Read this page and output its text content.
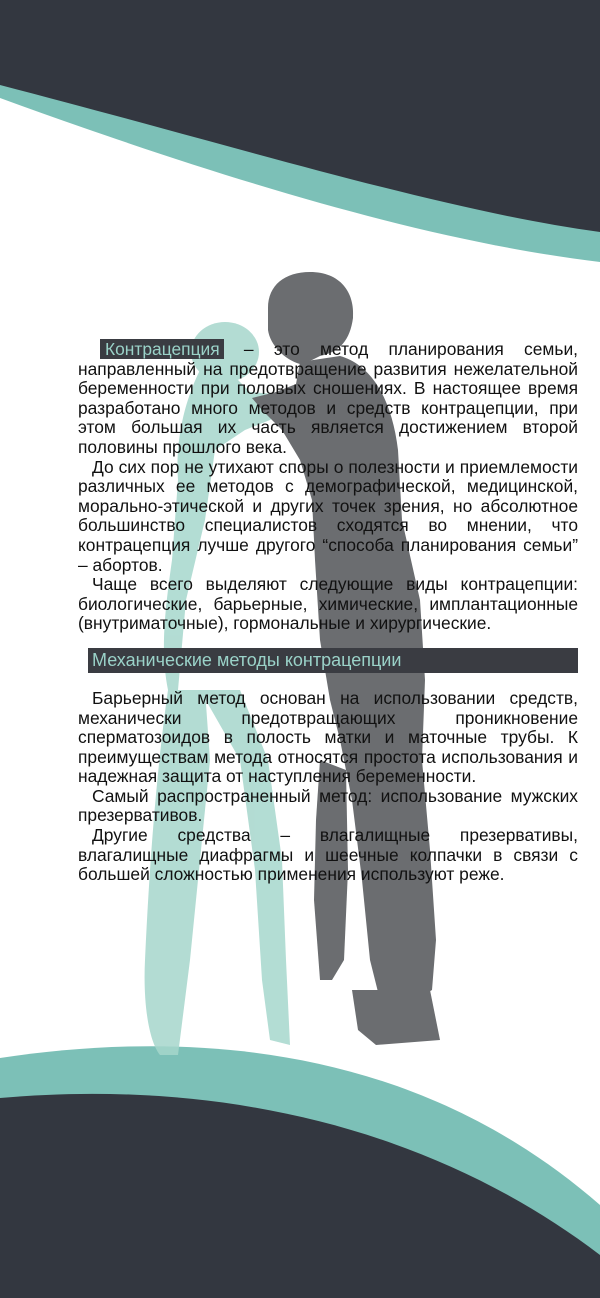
Контрацепция – это метод планирования семьи, направленный на предотвращение развития нежелательной беременности при половых сношениях. В настоящее время разработано много методов и средств контрацепции, при этом большая их часть является достижением второй половины прошлого века.

До сих пор не утихают споры о полезности и приемлемости различных ее методов с демографической, медицинской, морально-этической и других точек зрения, но абсолютное большинство специалистов сходятся во мнении, что контрацепция лучше другого “способа планирования семьи” – абортов.

Чаще всего выделяют следующие виды контрацепции: биологические, барьерные, химические, имплантационные (внутриматочные), гормональные и хирургические.

Механические методы контрацепции

Барьерный метод основан на использовании средств, механически предотвращающих проникновение сперматозоидов в полость матки и маточные трубы. К преимуществам метода относятся простота использования и надежная защита от наступления беременности.

Самый распространенный метод: использование мужских презервативов.

Другие средства – влагалищные презервативы, влагалищные диафрагмы и шеечные колпачки в связи с большей сложностью применения используют реже.
